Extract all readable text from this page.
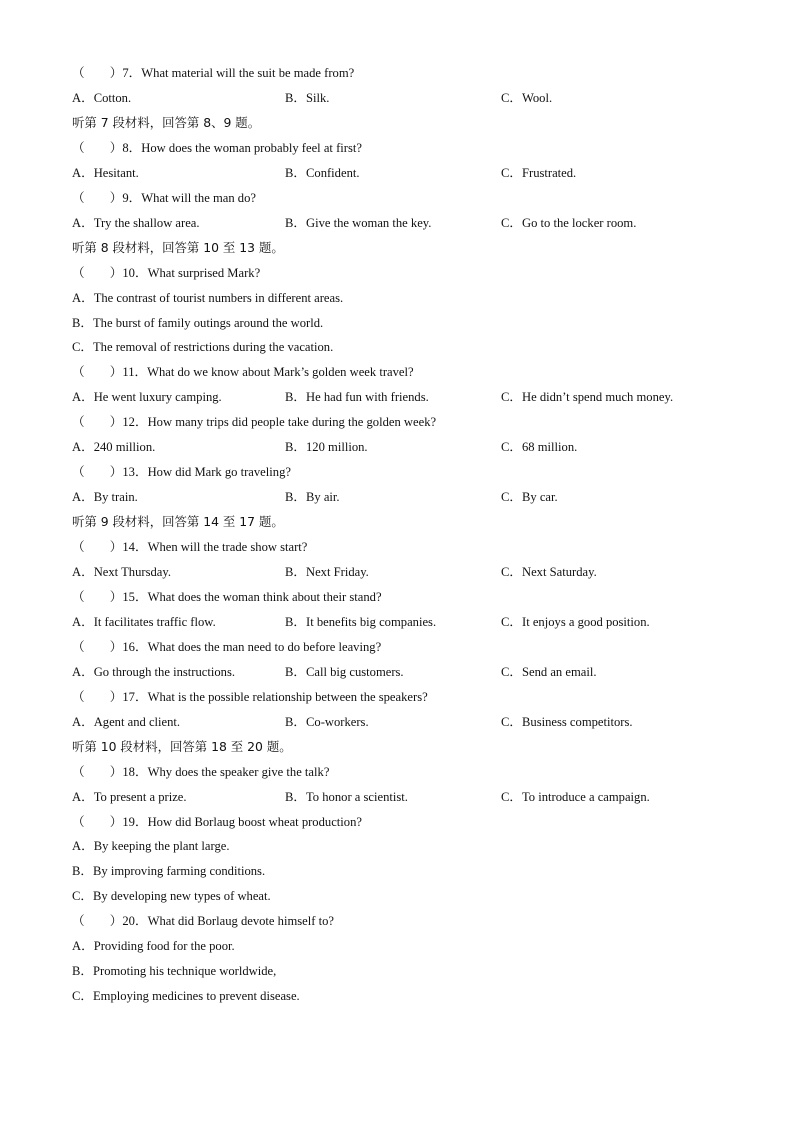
（　　）7．What material will the suit be made from?
A．Cotton.	B．Silk.	C．Wool.
听第 7 段材料，回答第 8、9 题。
（　　）8．How does the woman probably feel at first?
A．Hesitant.	B．Confident.	C．Frustrated.
（　　）9．What will the man do?
A．Try the shallow area.	B．Give the woman the key.	C．Go to the locker room.
听第 8 段材料，回答第 10 至 13 题。
（　　）10．What surprised Mark?
A．The contrast of tourist numbers in different areas.
B．The burst of family outings around the world.
C．The removal of restrictions during the vacation.
（　　）11．What do we know about Mark’s golden week travel?
A．He went luxury camping.	B．He had fun with friends.	C．He didn’t spend much money.
（　　）12．How many trips did people take during the golden week?
A．240 million.	B．120 million.	C．68 million.
（　　）13．How did Mark go traveling?
A．By train.	B．By air.	C．By car.
听第 9 段材料，回答第 14 至 17 题。
（　　）14．When will the trade show start?
A．Next Thursday.	B．Next Friday.	C．Next Saturday.
（　　）15．What does the woman think about their stand?
A．It facilitates traffic flow.	B．It benefits big companies.	C．It enjoys a good position.
（　　）16．What does the man need to do before leaving?
A．Go through the instructions.	B．Call big customers.	C．Send an email.
（　　）17．What is the possible relationship between the speakers?
A．Agent and client.	B．Co-workers.	C．Business competitors.
听第 10 段材料，回答第 18 至 20 题。
（　　）18．Why does the speaker give the talk?
A．To present a prize.	B．To honor a scientist.	C．To introduce a campaign.
（　　）19．How did Borlaug boost wheat production?
A．By keeping the plant large.
B．By improving farming conditions.
C．By developing new types of wheat.
（　　）20．What did Borlaug devote himself to?
A．Providing food for the poor.
B．Promoting his technique worldwide,
C．Employing medicines to prevent disease.
